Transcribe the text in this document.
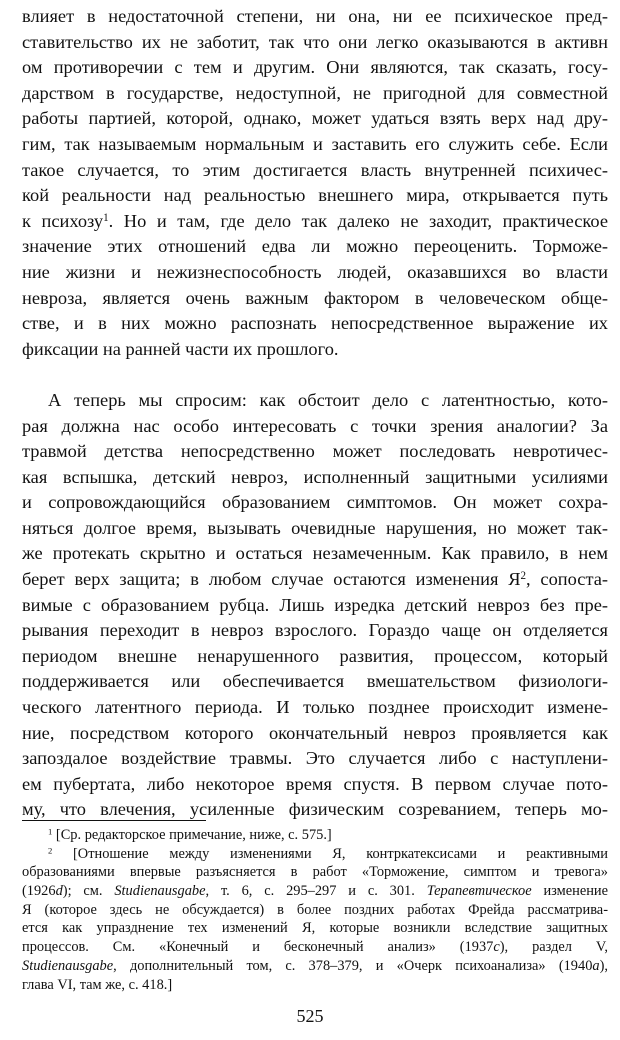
влияет в недостаточной степени, ни она, ни ее психическое пред-
ставительство их не заботит, так что они легко оказываются в активн
ом противоречии с тем и другим. Они являются, так сказать, госу-
дарством в государстве, недоступной, не пригодной для совместной
работы партией, которой, однако, может удаться взять верх над дру-
гим, так называемым нормальным и заставить его служить себе. Если
такое случается, то этим достигается власть внутренней психичес-
кой реальности над реальностью внешнего мира, открывается путь
к психозу$^1$. Но и там, где дело так далеко не заходит, практическое
значение этих отношений едва ли можно переоценить. Торможе-
ние жизни и нежизнеспособность людей, оказавшихся во власти
невроза, является очень важным фактором в человеческом обще-
стве, и в них можно распознать непосредственное выражение их
фиксации на ранней части их прошлого.
А теперь мы спросим: как обстоит дело с латентностью, кото-
рая должна нас особо интересовать с точки зрения аналогии? За
травмой детства непосредственно может последовать невротичес-
кая вспышка, детский невроз, исполненный защитными усилиями
и сопровождающийся образованием симптомов. Он может сохра-
няться долгое время, вызывать очевидные нарушения, но может так-
же протекать скрытно и остаться незамеченным. Как правило, в нем
берет верх защита; в любом случае остаются изменения $Я^2$, сопоста-
вимые с образованием рубца. Лишь изредка детский невроз без пре-
рывания переходит в невроз взрослого. Гораздо чаще он отделяется
периодом внешне ненарушенного развития, процессом, который
поддерживается или обеспечивается вмешательством физиологи-
ческого латентного периода. И только позднее происходит измене-
ние, посредством которого окончательный невроз проявляется как
запоздалое воздействие травмы. Это случается либо с наступлени-
ем пубертата, либо некоторое время спустя. В первом случае пото-
му, что влечения, усиленные физическим созреванием, теперь мо-
$^1$ [Ср. редакторское примечание, ниже, с. 575.]
$^2$ [Отношение между изменениями Я, контркатексисами и реактивными
образованиями впервые разъясняется в работ «Торможение, симптом и тревога»
(1926d); см. Studienausgabe, т. 6, с. 295–297 и с. 301. Терапевтическое изменение
Я (которое здесь не обсуждается) в более поздних работах Фрейда рассматрива-
ется как упразднение тех изменений Я, которые возникли вследствие защитных
процессов. См. «Конечный и бесконечный анализ» (1937c), раздел V,
Studienausgabe, дополнительный том, с. 378–379, и «Очерк психоанализа» (1940a),
глава VI, там же, с. 418.]
525
